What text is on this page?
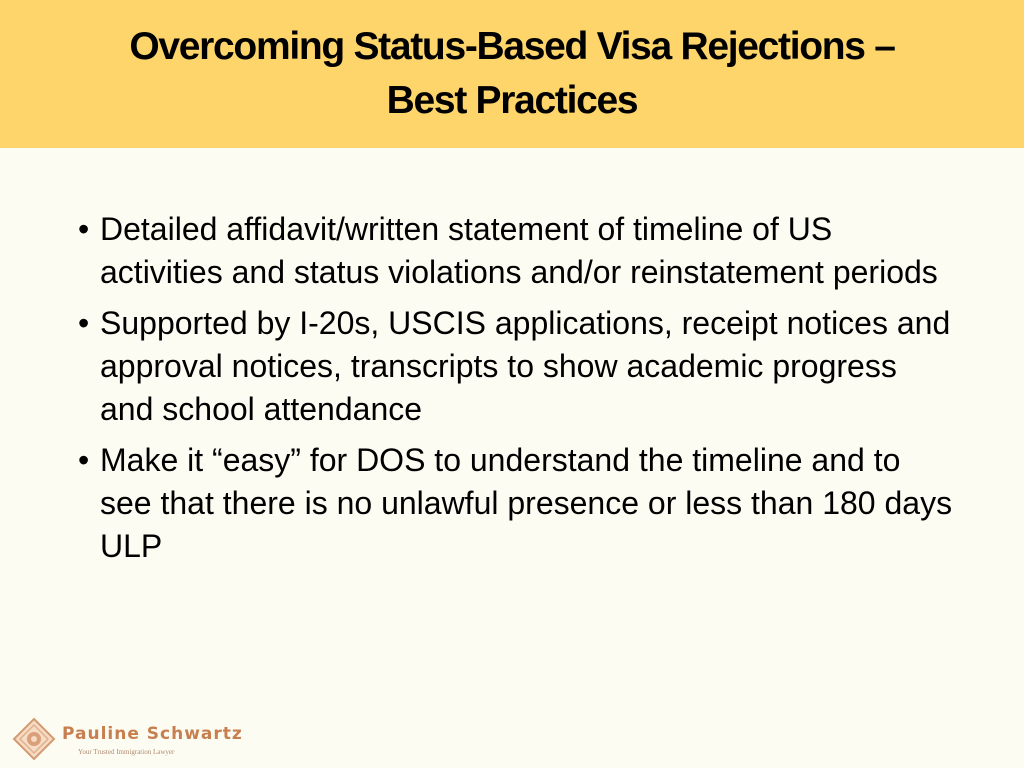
Overcoming Status-Based Visa Rejections –
Best Practices
• Detailed affidavit/written statement of timeline of US activities and status violations and/or reinstatement periods
• Supported by I-20s, USCIS applications, receipt notices and approval notices, transcripts to show academic progress and school attendance
• Make it “easy” for DOS to understand the timeline and to see that there is no unlawful presence or less than 180 days ULP
Pauline Schwartz
Your Trusted Immigration Lawyer
